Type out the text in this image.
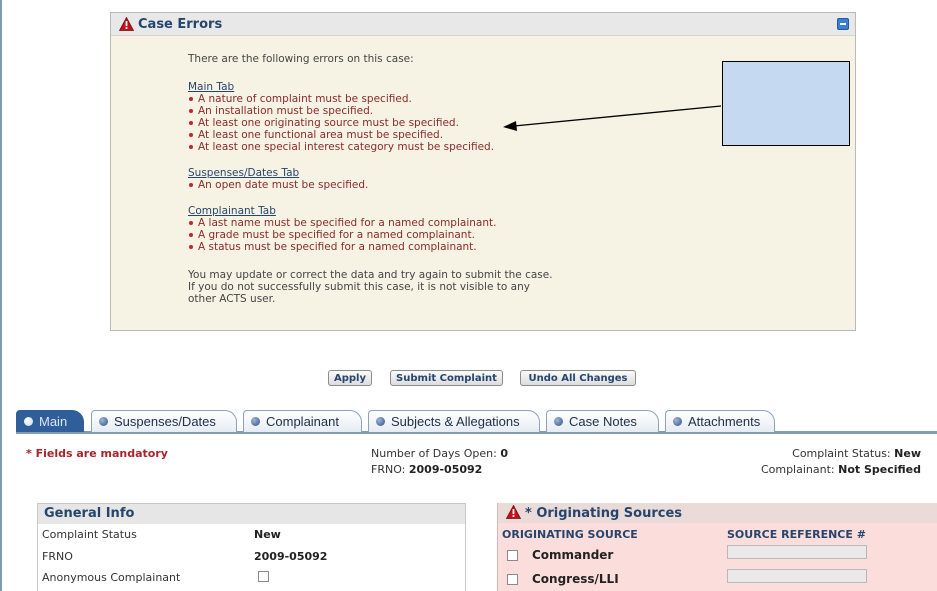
Case Errors
There are the following errors on this case:
Main Tab
A nature of complaint must be specified.
An installation must be specified.
At least one originating source must be specified.
At least one functional area must be specified.
At least one special interest category must be specified.
Suspenses/Dates Tab
An open date must be specified.
Complainant Tab
A last name must be specified for a named complainant.
A grade must be specified for a named complainant.
A status must be specified for a named complainant.
You may update or correct the data and try again to submit the case.
If you do not successfully submit this case, it is not visible to any
other ACTS user.
Apply	Submit Complaint	Undo All Changes
Main	Suspenses/Dates	Complainant	Subjects & Allegations	Case Notes	Attachments
* Fields are mandatory	Number of Days Open: 0
FRNO: 2009-05092
Complaint Status: New
Complainant: Not Specified
General Info
Complaint Status	New
FRNO	2009-05092
Anonymous Complainant
* Originating Sources
ORIGINATING SOURCE	SOURCE REFERENCE #
Commander
Congress/LLI
